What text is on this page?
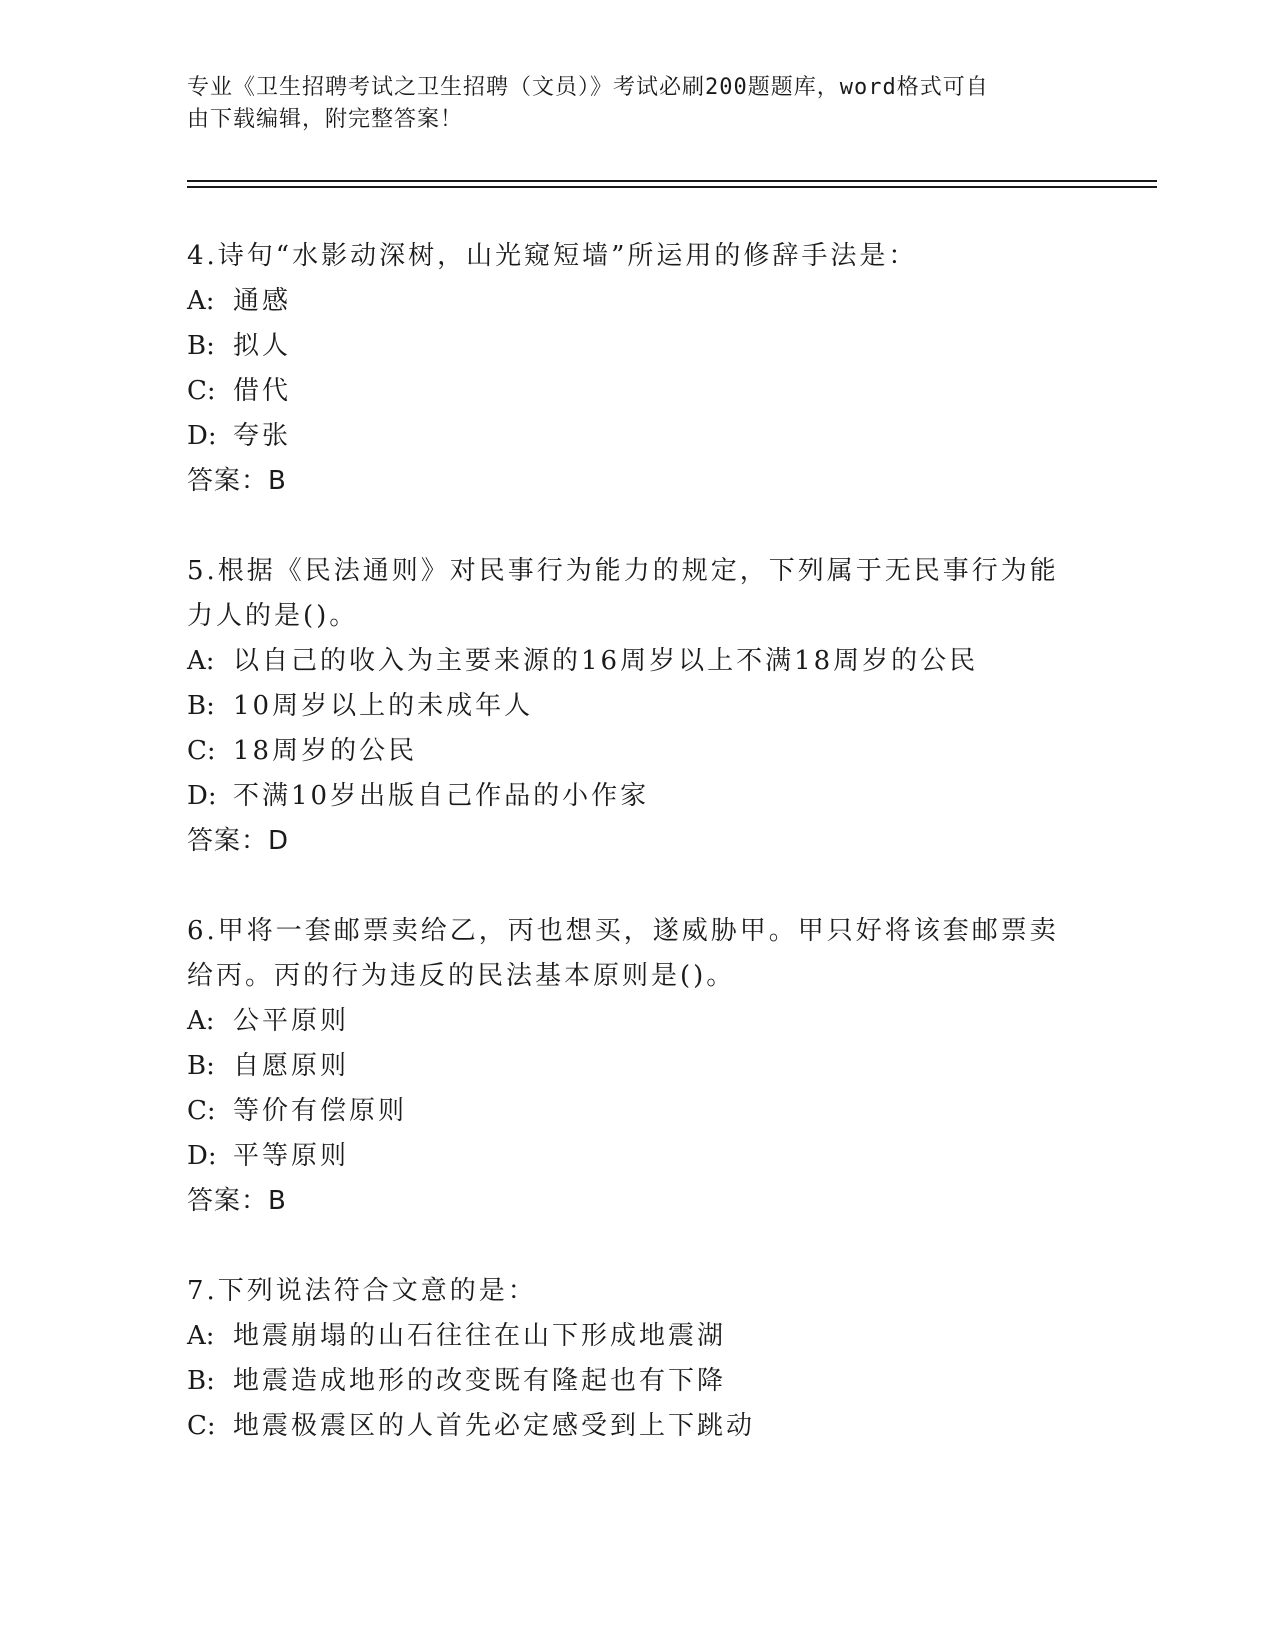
专业《卫生招聘考试之卫生招聘（文员）》考试必刷200题题库，word格式可自
由下载编辑，附完整答案！
4.诗句“水影动深树，山光窥短墙”所运用的修辞手法是：
A: 通感
B: 拟人
C: 借代
D: 夸张
答案：B
5.根据《民法通则》对民事行为能力的规定，下列属于无民事行为能力人的是()。
A: 以自己的收入为主要来源的16周岁以上不满18周岁的公民
B: 10周岁以上的未成年人
C: 18周岁的公民
D: 不满10岁出版自己作品的小作家
答案：D
6.甲将一套邮票卖给乙，丙也想买，遂威胁甲。甲只好将该套邮票卖给丙。丙的行为违反的民法基本原则是()。
A: 公平原则
B: 自愿原则
C: 等价有偿原则
D: 平等原则
答案：B
7.下列说法符合文意的是：
A: 地震崩塌的山石往往在山下形成地震湖
B: 地震造成地形的改变既有隆起也有下降
C: 地震极震区的人首先必定感受到上下跳动
